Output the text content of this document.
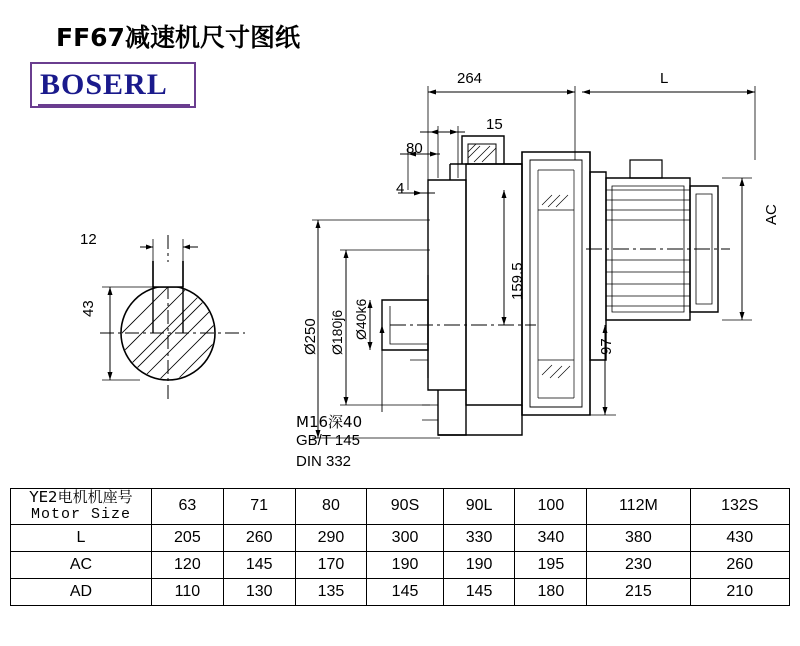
FF67减速机尺寸图纸
BOSERL
12
43
264	L
15
80
4
AC
159.5
97
Ø250 Ø180j6 Ø40k6
M16深40
GB/T 145
DIN 332
YE2电机机座号
Motor Size	63	71	80	90S	90L	100	112M	132S
L	205	260	290	300	330	340	380	430
AC	120	145	170	190	190	195	230	260
AD	110	130	135	145	145	180	215	210
